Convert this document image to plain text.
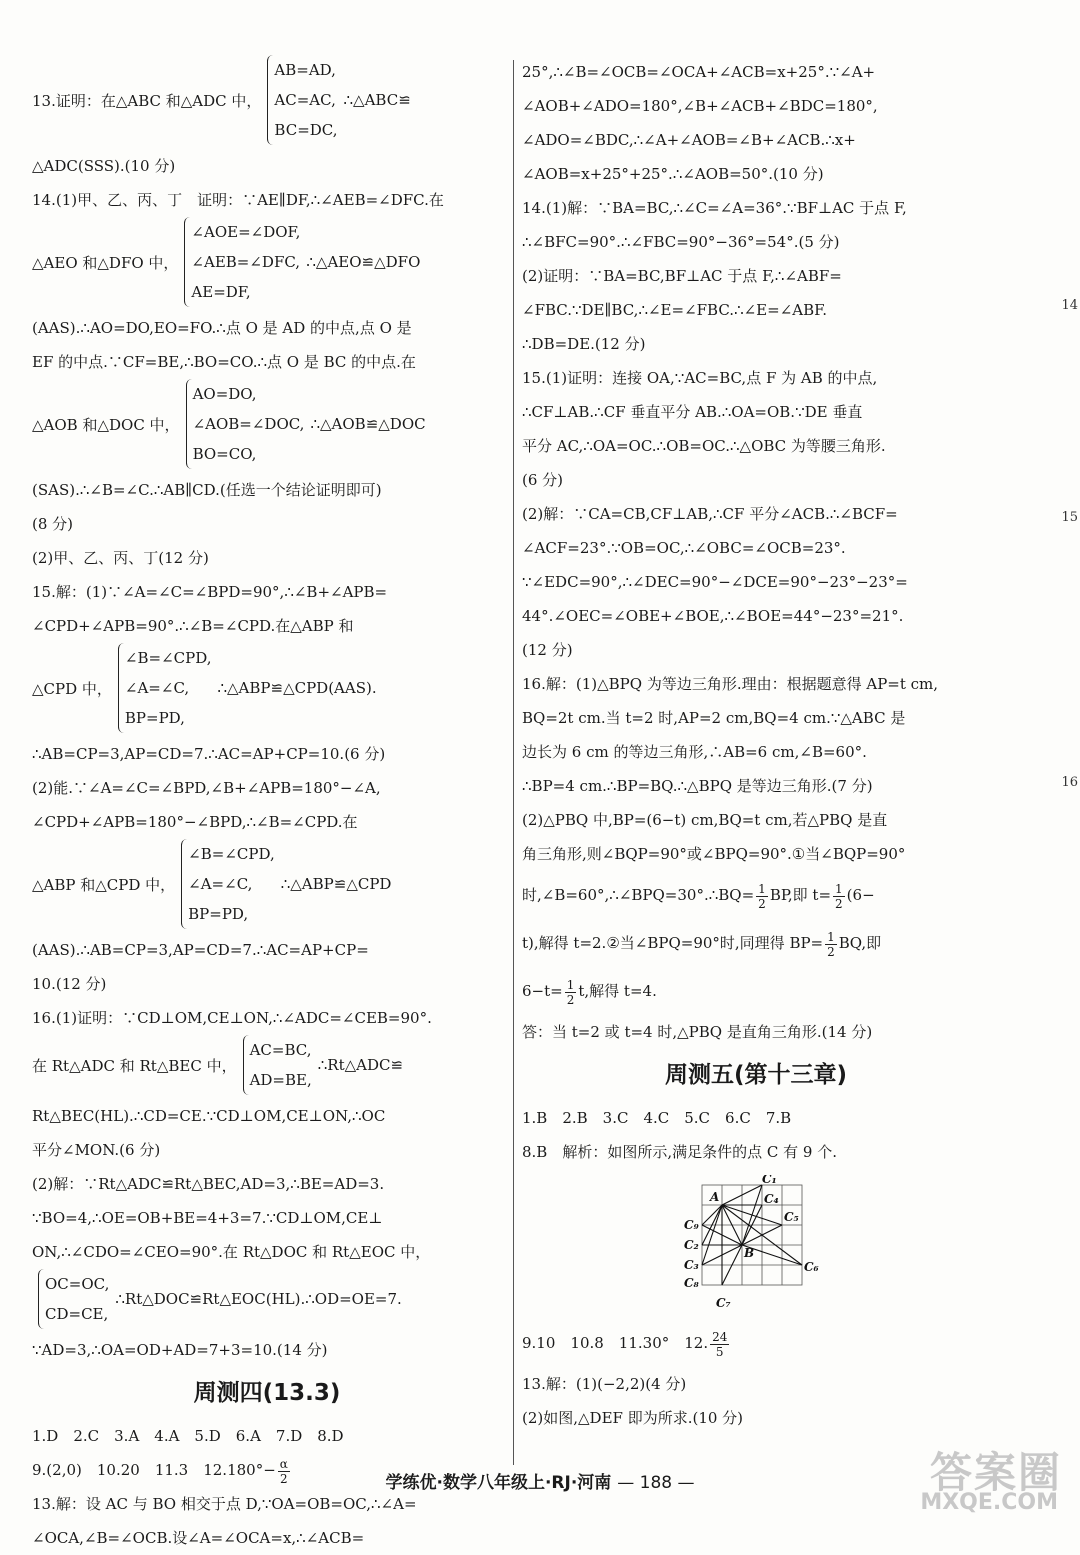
13.证明：在△ABC 和△ADC 中，
AB=AD,
AC=AC,
BC=DC,
∴△ABC≌
△ADC(SSS).(10 分)
14.(1)甲、乙、丙、丁　证明：∵AE∥DF,∴∠AEB=∠DFC.在
△AEO 和△DFO 中，
∠AOE=∠DOF,
∠AEB=∠DFC,
AE=DF,
∴△AEO≌△DFO
(AAS).∴AO=DO,EO=FO.∴点 O 是 AD 的中点,点 O 是
EF 的中点.∵CF=BE,∴BO=CO.∴点 O 是 BC 的中点.在
△AOB 和△DOC 中，
AO=DO,
∠AOB=∠DOC,
BO=CO,
∴△AOB≌△DOC
(SAS).∴∠B=∠C.∴AB∥CD.(任选一个结论证明即可)
(8 分)
(2)甲、乙、丙、丁(12 分)
15.解：(1)∵∠A=∠C=∠BPD=90°,∴∠B+∠APB=
∠CPD+∠APB=90°.∴∠B=∠CPD.在△ABP 和
△CPD 中，
∠B=∠CPD,
∠A=∠C,
BP=PD,
∴△ABP≌△CPD(AAS).
∴AB=CP=3,AP=CD=7.∴AC=AP+CP=10.(6 分)
(2)能.∵∠A=∠C=∠BPD,∠B+∠APB=180°−∠A,
∠CPD+∠APB=180°−∠BPD,∴∠B=∠CPD.在
△ABP 和△CPD 中，
∠B=∠CPD,
∠A=∠C,
BP=PD,
∴△ABP≌△CPD
(AAS).∴AB=CP=3,AP=CD=7.∴AC=AP+CP=
10.(12 分)
16.(1)证明：∵CD⊥OM,CE⊥ON,∴∠ADC=∠CEB=90°.
在 Rt△ADC 和 Rt△BEC 中，
AC=BC,
AD=BE,
∴Rt△ADC≌
Rt△BEC(HL).∴CD=CE.∵CD⊥OM,CE⊥ON,∴OC
平分∠MON.(6 分)
(2)解：∵Rt△ADC≌Rt△BEC,AD=3,∴BE=AD=3.
∵BO=4,∴OE=OB+BE=4+3=7.∵CD⊥OM,CE⊥
ON,∴∠CDO=∠CEO=90°.在 Rt△DOC 和 Rt△EOC 中，
OC=OC,
CD=CE,
∴Rt△DOC≌Rt△EOC(HL).∴OD=OE=7.
∵AD=3,∴OA=OD+AD=7+3=10.(14 分)
周测四(13.3)
1.D　2.C　3.A　4.A　5.D　6.A　7.D　8.D
9.(2,0)　10.20　11.3　$12.180^\circ- \frac{\alpha}{2}$
13.解：设 AC 与 BO 相交于点 D,∵OA=OB=OC,∴∠A=
∠OCA,∠B=∠OCB.设∠A=∠OCA=x,∴∠ACB=
25°,∴∠B=∠OCB=∠OCA+∠ACB=x+25°.∵∠A+
∠AOB+∠ADO=180°,∠B+∠ACB+∠BDC=180°,
∠ADO=∠BDC,∴∠A+∠AOB=∠B+∠ACB.∴x+
∠AOB=x+25°+25°.∴∠AOB=50°.(10 分)
14.(1)解：∵BA=BC,∴∠C=∠A=36°.∵BF⊥AC 于点 F,
∴∠BFC=90°.∴∠FBC=90°−36°=54°.(5 分)
(2)证明：∵BA=BC,BF⊥AC 于点 F,∴∠ABF=
∠FBC.∵DE∥BC,∴∠E=∠FBC.∴∠E=∠ABF.
∴DB=DE.(12 分)
15.(1)证明：连接 OA,∵AC=BC,点 F 为 AB 的中点,
∴CF⊥AB.∴CF 垂直平分 AB.∴OA=OB.∵DE 垂直
平分 AC,∴OA=OC.∴OB=OC.∴△OBC 为等腰三角形.
(6 分)
(2)解：∵CA=CB,CF⊥AB,∴CF 平分∠ACB.∴∠BCF=
∠ACF=23°.∵OB=OC,∴∠OBC=∠OCB=23°.
∵∠EDC=90°,∴∠DEC=90°−∠DCE=90°−23°−23°=
44°.∠OEC=∠OBE+∠BOE,∴∠BOE=44°−23°=21°.
(12 分)
16.解：(1)△BPQ 为等边三角形.理由：根据题意得 AP=t cm,
BQ=2t cm.当 t=2 时,AP=2 cm,BQ=4 cm.∵△ABC 是
边长为 6 cm 的等边三角形,∴AB=6 cm,∠B=60°.
∴BP=4 cm.∴BP=BQ.∴△BPQ 是等边三角形.(7 分)
(2)△PBQ 中,BP=(6−t) cm,BQ=t cm,若△PBQ 是直
角三角形,则∠BQP=90°或∠BPQ=90°.①当∠BQP=90°
时,∠B=60°,∴∠BPQ=30°.∴BQ= $\frac{1}{2}$ BP,即 $t= \frac{1}{2} (6-$
t),解得 t=2.②当∠BPQ=90°时,同理得 $BP= \frac{1}{2}$ BQ,即
$6-t= \frac{1}{2} t$,解得 t=4.
答：当 t=2 或 t=4 时,△PBQ 是直角三角形.(14 分)
周测五(第十三章)
1.B　2.B　3.C　4.C　5.C　6.C　7.B
8.B　解析：如图所示,满足条件的点 C 有 9 个.
A
B
C₁
C₄
C₅
C₉
C₂
C₃
C₈
C₆
C₇
9.10　10.8　11.30°　12. $\frac{24}{5}$
13.解：(1)(−2,2)(4 分)
(2)如图,△DEF 即为所求.(10 分)
14
15
16
学练优·数学八年级上·RJ·河南 — 188 —	答案圈
MXQE.COM
